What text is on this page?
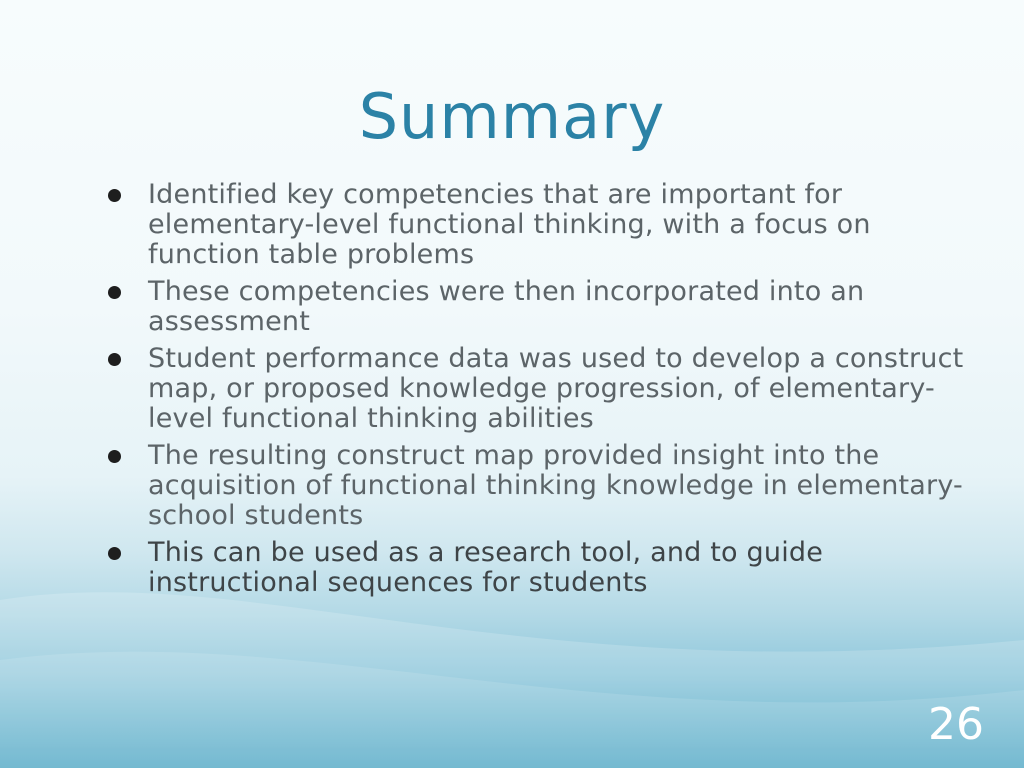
Summary
Identified key competencies that are important for elementary-level functional thinking, with a focus on function table problems
These competencies were then incorporated into an assessment
Student performance data was used to develop a construct map, or proposed knowledge progression, of elementary-level functional thinking abilities
The resulting construct map provided insight into the acquisition of functional thinking knowledge in elementary-school students
This can be used as a research tool, and to guide instructional sequences for students
26
